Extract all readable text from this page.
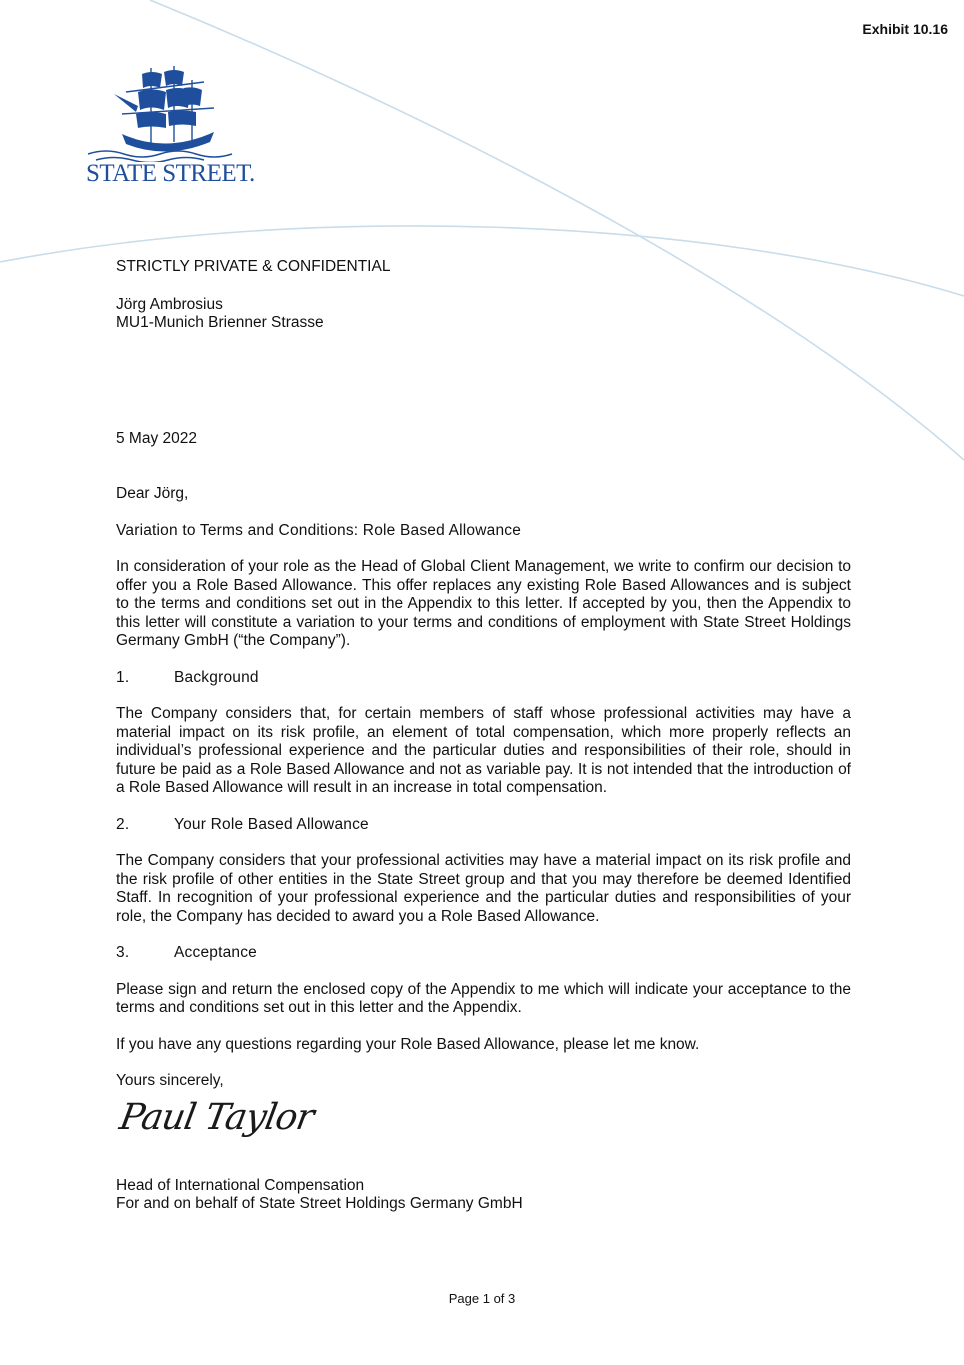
Exhibit 10.16
STATE STREET.

STRICTLY PRIVATE & CONFIDENTIAL

Jörg Ambrosius

MU1-Munich Brienner Strasse

5 May 2022

Dear Jörg,

Variation to Terms and Conditions: Role Based Allowance

In consideration of your role as the Head of Global Client Management, we write to confirm our decision to offer you a Role Based Allowance. This offer replaces any existing Role Based Allowances and is subject to the terms and conditions set out in the Appendix to this letter. If accepted by you, then the Appendix to this letter will constitute a variation to your terms and conditions of employment with State Street Holdings Germany GmbH (“the Company”).

1.	Background

The Company considers that, for certain members of staff whose professional activities may have a material impact on its risk profile, an element of total compensation, which more properly reflects an individual’s professional experience and the particular duties and responsibilities of their role, should in future be paid as a Role Based Allowance and not as variable pay. It is not intended that the introduction of a Role Based Allowance will result in an increase in total compensation.

2.	Your Role Based Allowance

The Company considers that your professional activities may have a material impact on its risk profile and the risk profile of other entities in the State Street group and that you may therefore be deemed Identified Staff. In recognition of your professional experience and the particular duties and responsibilities of your role, the Company has decided to award you a Role Based Allowance.

3.	Acceptance

Please sign and return the enclosed copy of the Appendix to me which will indicate your acceptance to the terms and conditions set out in this letter and the Appendix.

If you have any questions regarding your Role Based Allowance, please let me know.

Yours sincerely,

Paul Taylor

Head of International Compensation

For and on behalf of State Street Holdings Germany GmbH

Page 1 of 3
